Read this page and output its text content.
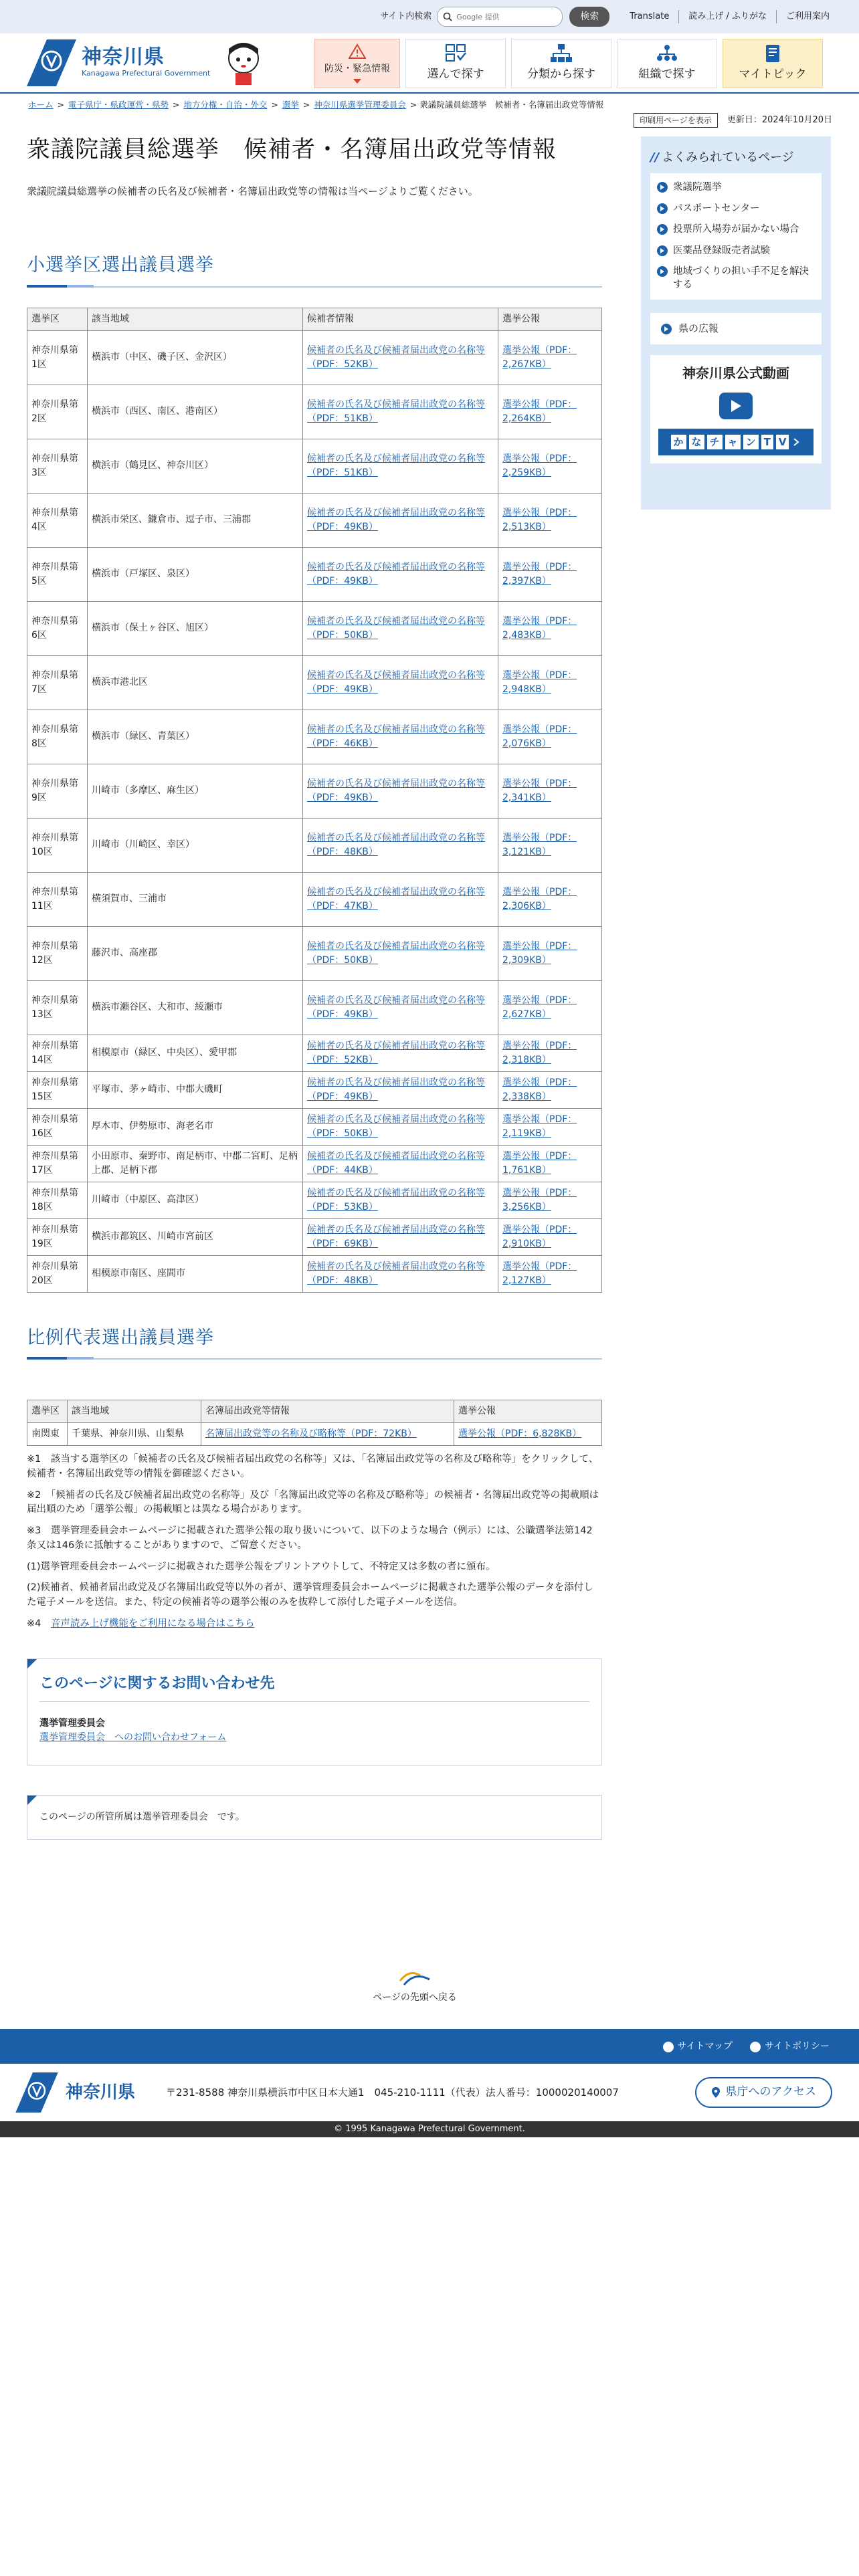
サイト内検索
Google 提供	検索	Translate	読み上げ / ふりがな	ご利用案内
神奈川県
Kanagawa Prefectural Government	防災・緊急情報	選んで探す	分類から探す	組織で探す	マイトピック
ホーム > 電子県庁・県政運営・県勢 > 地方分権・自治・外交 > 選挙 > 神奈川県選挙管理委員会 > 衆議院議員総選挙　候補者・名簿届出政党等情報
印刷用ページを表示	更新日：2024年10月20日
衆議院議員総選挙　候補者・名簿届出政党等情報

衆議院議員総選挙の候補者の氏名及び候補者・名簿届出政党等の情報は当ページよりご覧ください。

小選挙区選出議員選挙
選挙区	該当地域	候補者情報	選挙公報
神奈川県第1区	横浜市（中区、磯子区、金沢区）	候補者の氏名及び候補者届出政党の名称等（PDF：52KB）	選挙公報（PDF：2,267KB）
神奈川県第2区	横浜市（西区、南区、港南区）	候補者の氏名及び候補者届出政党の名称等（PDF：51KB）	選挙公報（PDF：2,264KB）
神奈川県第3区	横浜市（鶴見区、神奈川区）	候補者の氏名及び候補者届出政党の名称等（PDF：51KB）	選挙公報（PDF：2,259KB）
神奈川県第4区	横浜市栄区、鎌倉市、逗子市、三浦郡	候補者の氏名及び候補者届出政党の名称等（PDF：49KB）	選挙公報（PDF：2,513KB）
神奈川県第5区	横浜市（戸塚区、泉区）	候補者の氏名及び候補者届出政党の名称等（PDF：49KB）	選挙公報（PDF：2,397KB）
神奈川県第6区	横浜市（保土ヶ谷区、旭区）	候補者の氏名及び候補者届出政党の名称等（PDF：50KB）	選挙公報（PDF：2,483KB）
神奈川県第7区	横浜市港北区	候補者の氏名及び候補者届出政党の名称等（PDF：49KB）	選挙公報（PDF：2,948KB）
神奈川県第8区	横浜市（緑区、青葉区）	候補者の氏名及び候補者届出政党の名称等（PDF：46KB）	選挙公報（PDF：2,076KB）
神奈川県第9区	川崎市（多摩区、麻生区）	候補者の氏名及び候補者届出政党の名称等（PDF：49KB）	選挙公報（PDF：2,341KB）
神奈川県第10区	川崎市（川崎区、幸区）	候補者の氏名及び候補者届出政党の名称等（PDF：48KB）	選挙公報（PDF：3,121KB）
神奈川県第11区	横須賀市、三浦市	候補者の氏名及び候補者届出政党の名称等（PDF：47KB）	選挙公報（PDF：2,306KB）
神奈川県第12区	藤沢市、高座郡	候補者の氏名及び候補者届出政党の名称等（PDF：50KB）	選挙公報（PDF：2,309KB）
神奈川県第13区	横浜市瀬谷区、大和市、綾瀬市	候補者の氏名及び候補者届出政党の名称等（PDF：49KB）	選挙公報（PDF：2,627KB）
神奈川県第14区	相模原市（緑区、中央区）、愛甲郡	候補者の氏名及び候補者届出政党の名称等（PDF：52KB）	選挙公報（PDF：2,318KB）
神奈川県第15区	平塚市、茅ヶ崎市、中郡大磯町	候補者の氏名及び候補者届出政党の名称等（PDF：49KB）	選挙公報（PDF：2,338KB）
神奈川県第16区	厚木市、伊勢原市、海老名市	候補者の氏名及び候補者届出政党の名称等（PDF：50KB）	選挙公報（PDF：2,119KB）
神奈川県第17区	小田原市、秦野市、南足柄市、中郡二宮町、足柄上郡、足柄下郡	候補者の氏名及び候補者届出政党の名称等（PDF：44KB）	選挙公報（PDF：1,761KB）
神奈川県第18区	川崎市（中原区、高津区）	候補者の氏名及び候補者届出政党の名称等（PDF：53KB）	選挙公報（PDF：3,256KB）
神奈川県第19区	横浜市都筑区、川崎市宮前区	候補者の氏名及び候補者届出政党の名称等（PDF：69KB）	選挙公報（PDF：2,910KB）
神奈川県第20区	相模原市南区、座間市	候補者の氏名及び候補者届出政党の名称等（PDF：48KB）	選挙公報（PDF：2,127KB）
比例代表選出議員選挙
選挙区	該当地域	名簿届出政党等情報	選挙公報
南関東	千葉県、神奈川県、山梨県	名簿届出政党等の名称及び略称等（PDF：72KB）	選挙公報（PDF：6,828KB）

※1　該当する選挙区の「候補者の氏名及び候補者届出政党の名称等」又は、「名簿届出政党等の名称及び略称等」をクリックして、候補者・名簿届出政党等の情報を御確認ください。

※2　「候補者の氏名及び候補者届出政党の名称等」及び「名簿届出政党等の名称及び略称等」の候補者・名簿届出政党等の掲載順は届出順のため「選挙公報」の掲載順とは異なる場合があります。

※3　選挙管理委員会ホームページに掲載された選挙公報の取り扱いについて、以下のような場合（例示）には、公職選挙法第142条又は146条に抵触することがありますので、ご留意ください。

(1)選挙管理委員会ホームページに掲載された選挙公報をプリントアウトして、不特定又は多数の者に頒布。

(2)候補者、候補者届出政党及び名簿届出政党等以外の者が、選挙管理委員会ホームページに掲載された選挙公報のデータを添付した電子メールを送信。また、特定の候補者等の選挙公報のみを抜粋して添付した電子メールを送信。

※4　 音声読み上げ機能をご利用になる場合はこちら

このページに関するお問い合わせ先
選挙管理委員会
選挙管理委員会　へのお問い合わせフォーム
このページの所管所属は選挙管理委員会　です。
ページの先頭へ戻る
// よくみられているページ
衆議院選挙
パスポートセンター
投票所入場券が届かない場合
医薬品登録販売者試験
地域づくりの担い手不足を解決する
県の広報
神奈川県公式動画
か な チ ャ ン T V
サイトマップ	サイトポリシー
神奈川県	〒231-8588 神奈川県横浜市中区日本大通1　045-210-1111（代表）法人番号：1000020140007	県庁へのアクセス
© 1995 Kanagawa Prefectural Government.
